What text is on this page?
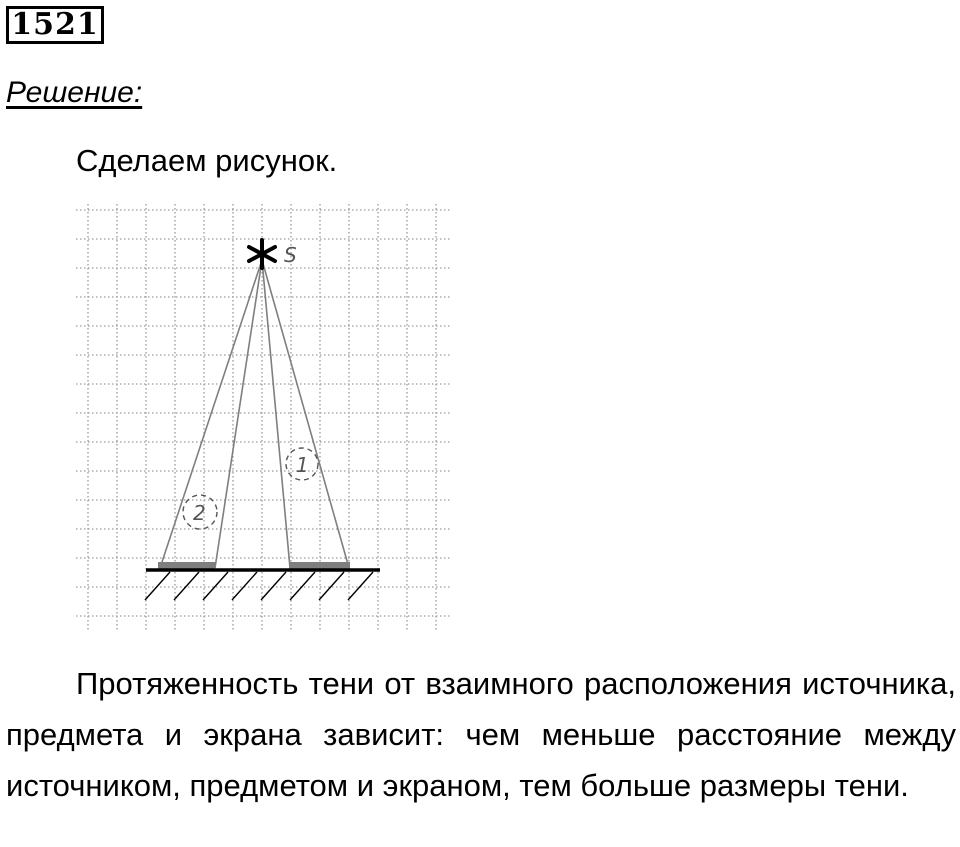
1521
Решение:
Сделаем рисунок.
S
1
2

Протяженность тени от взаимного расположения источника, предмета и экрана зависит: чем меньше расстояние между источником, предметом и экраном, тем больше размеры тени.
